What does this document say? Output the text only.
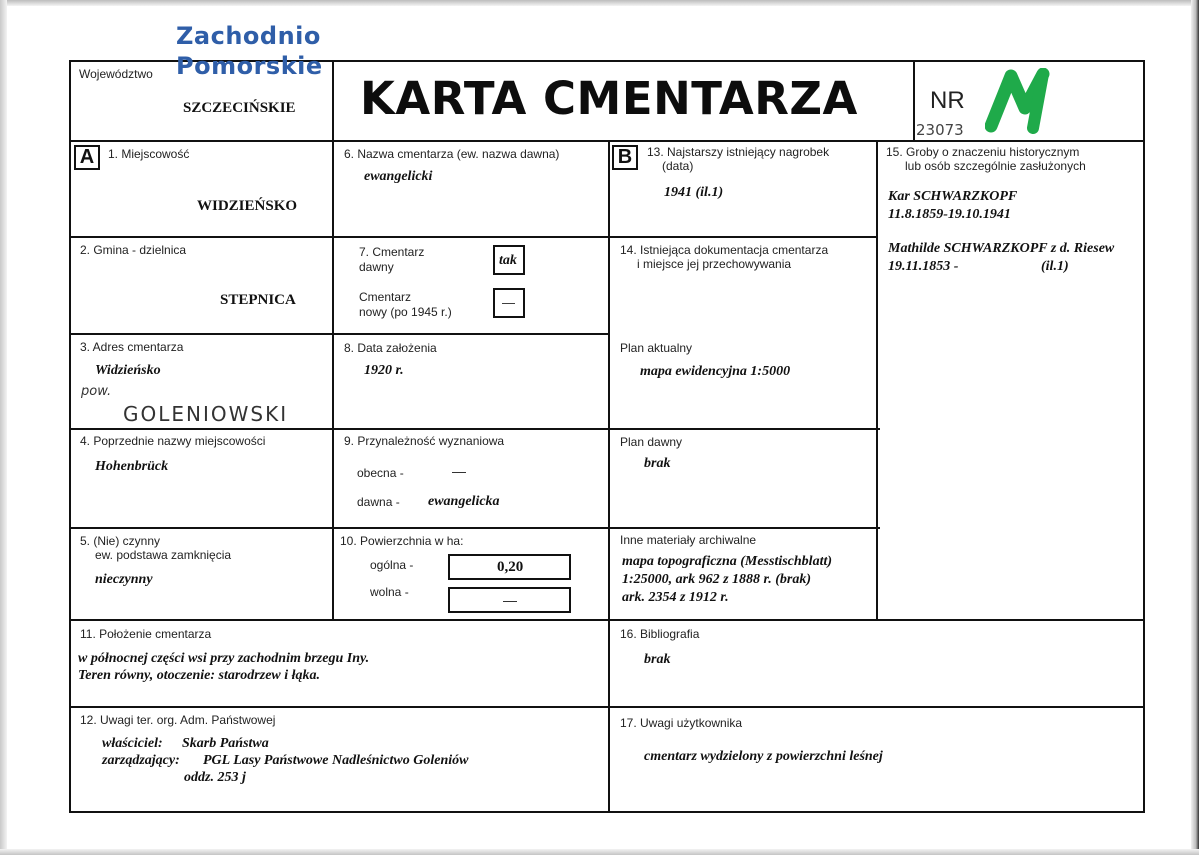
Zachodnio
Pomorskie
Województwo
SZCZECIŃSKIE KARTA CMENTARZA	NR
23073
A	B
1. Miejscowość
WIDZIEŃSKO
2. Gmina - dzielnica
STEPNICA
3. Adres cmentarza
Widzieńsko
pow.
GOLENIOWSKI
4. Poprzednie nazwy miejscowości
Hohenbrück
5. (Nie) czynny
ew. podstawa zamknięcia
nieczynny
6. Nazwa cmentarza (ew. nazwa dawna)
ewangelicki
7. Cmentarz
dawny	tak
Cmentarz
nowy (po 1945 r.)
—
8. Data założenia
1920 r.
9. Przynależność wyznaniowa
obecna -	—
dawna - ewangelicka
10. Powierzchnia w ha:
ogólna -	0,20
wolna -	—
13. Najstarszy istniejący nagrobek
(data)
1941 (il.1)
14. Istniejąca dokumentacja cmentarza
i miejsce jej przechowywania
Plan aktualny
mapa ewidencyjna 1:5000
Plan dawny
brak
Inne materiały archiwalne
mapa topograficzna (Messtischblatt)
1:25000, ark 962 z 1888 r. (brak)
ark. 2354 z 1912 r.
15. Groby o znaczeniu historycznym
lub osób szczególnie zasłużonych
Kar SCHWARZKOPF
11.8.1859-19.10.1941
Mathilde SCHWARZKOPF z d. Riesew
19.11.1853 -	(il.1)
11. Położenie cmentarza
w północnej części wsi przy zachodnim brzegu Iny.
Teren równy, otoczenie: starodrzew i łąka.
16. Bibliografia
brak
12. Uwagi ter. org. Adm. Państwowej
właściciel: Skarb Państwa
zarządzający: PGL Lasy Państwowe Nadleśnictwo Goleniów
oddz. 253 j
17. Uwagi użytkownika
cmentarz wydzielony z powierzchni leśnej
